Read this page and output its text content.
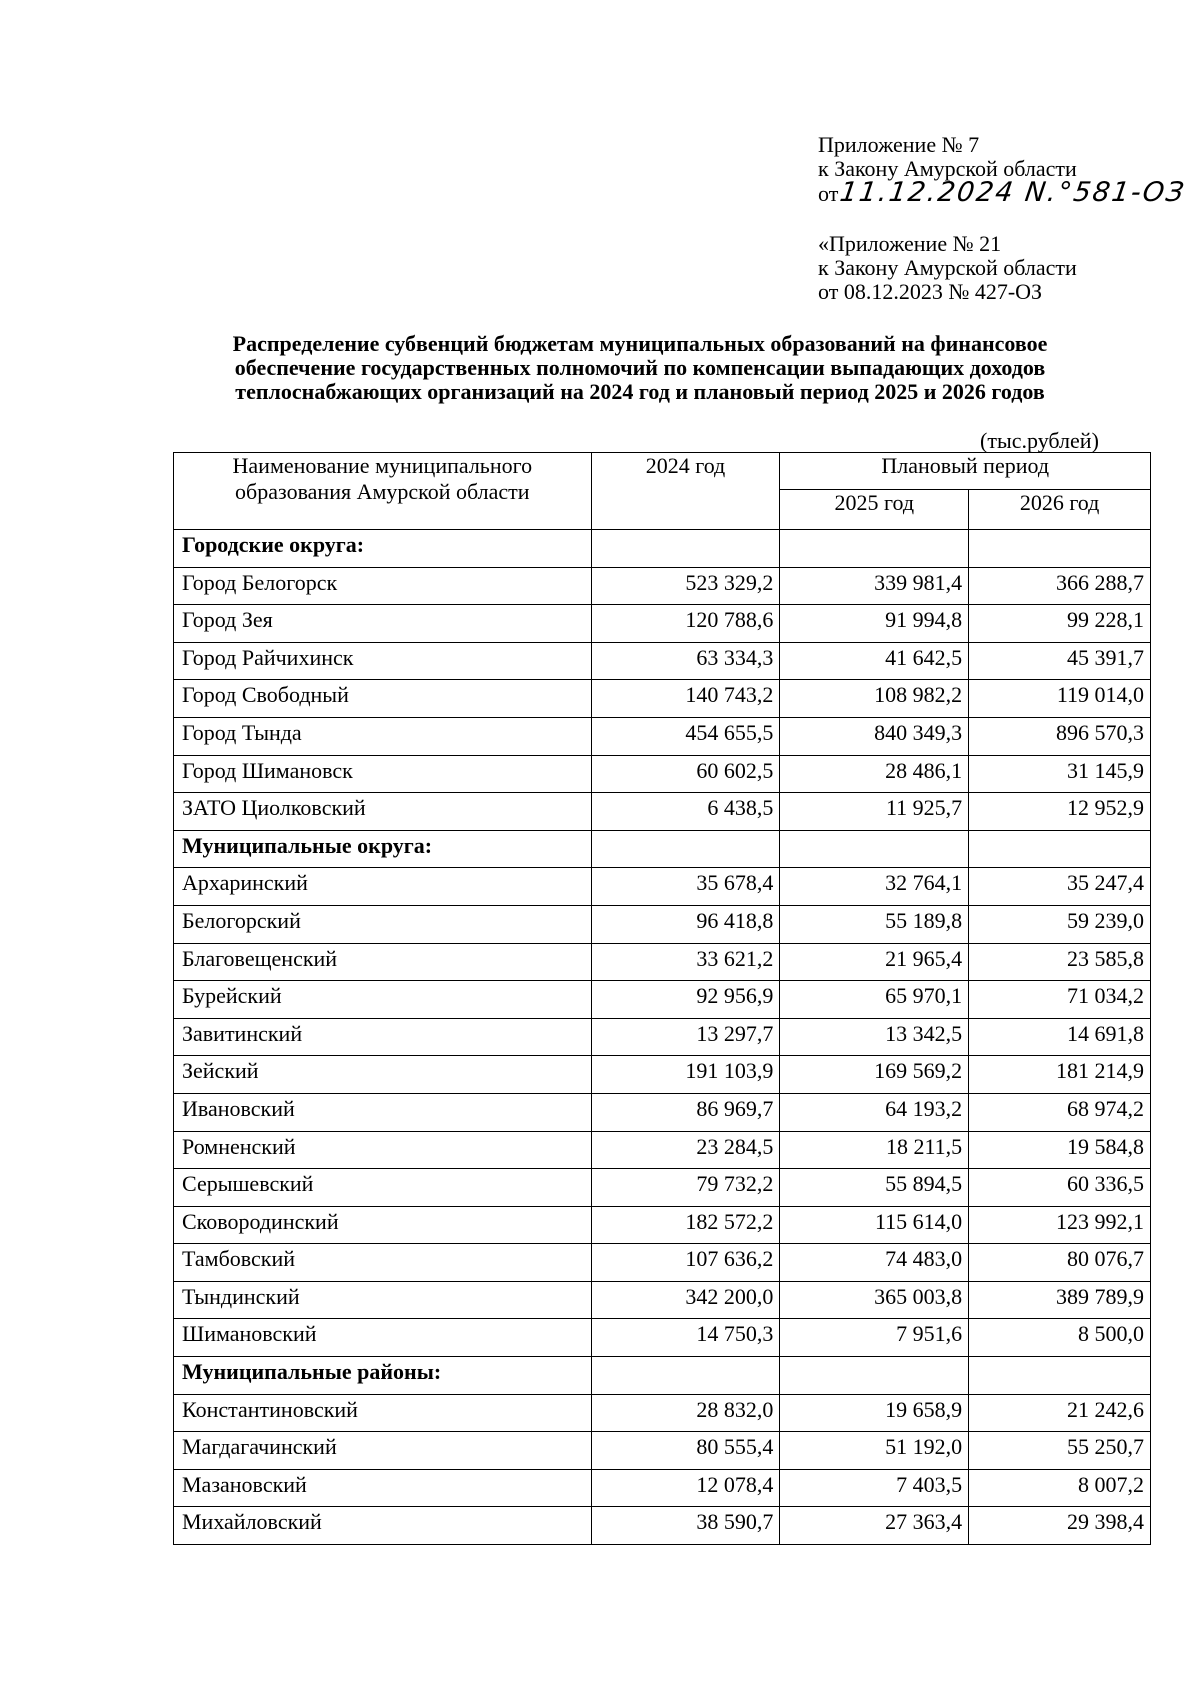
Приложение № 7
к Закону Амурской области
от 11.12.2024 N.°581-ОЗ
«Приложение № 21
к Закону Амурской области
от 08.12.2023 № 427-ОЗ
Распределение субвенций бюджетам муниципальных образований на финансовое обеспечение государственных полномочий по компенсации выпадающих доходов теплоснабжающих организаций на 2024 год и плановый период 2025 и 2026 годов
(тыс.рублей)
Наименование муниципального образования Амурской области	2024 год	Плановый период	
		2025 год	2026 год
Городские округа:			
Город Белогорск	523 329,2	339 981,4	366 288,7
Город Зея	120 788,6	91 994,8	99 228,1
Город Райчихинск	63 334,3	41 642,5	45 391,7
Город Свободный	140 743,2	108 982,2	119 014,0
Город Тында	454 655,5	840 349,3	896 570,3
Город Шимановск	60 602,5	28 486,1	31 145,9
ЗАТО Циолковский	6 438,5	11 925,7	12 952,9
Муниципальные округа:			
Архаринский	35 678,4	32 764,1	35 247,4
Белогорский	96 418,8	55 189,8	59 239,0
Благовещенский	33 621,2	21 965,4	23 585,8
Бурейский	92 956,9	65 970,1	71 034,2
Завитинский	13 297,7	13 342,5	14 691,8
Зейский	191 103,9	169 569,2	181 214,9
Ивановский	86 969,7	64 193,2	68 974,2
Ромненский	23 284,5	18 211,5	19 584,8
Серышевский	79 732,2	55 894,5	60 336,5
Сковородинский	182 572,2	115 614,0	123 992,1
Тамбовский	107 636,2	74 483,0	80 076,7
Тындинский	342 200,0	365 003,8	389 789,9
Шимановский	14 750,3	7 951,6	8 500,0
Муниципальные районы:			
Константиновский	28 832,0	19 658,9	21 242,6
Магдагачинский	80 555,4	51 192,0	55 250,7
Мазановский	12 078,4	7 403,5	8 007,2
Михайловский	38 590,7	27 363,4	29 398,4
